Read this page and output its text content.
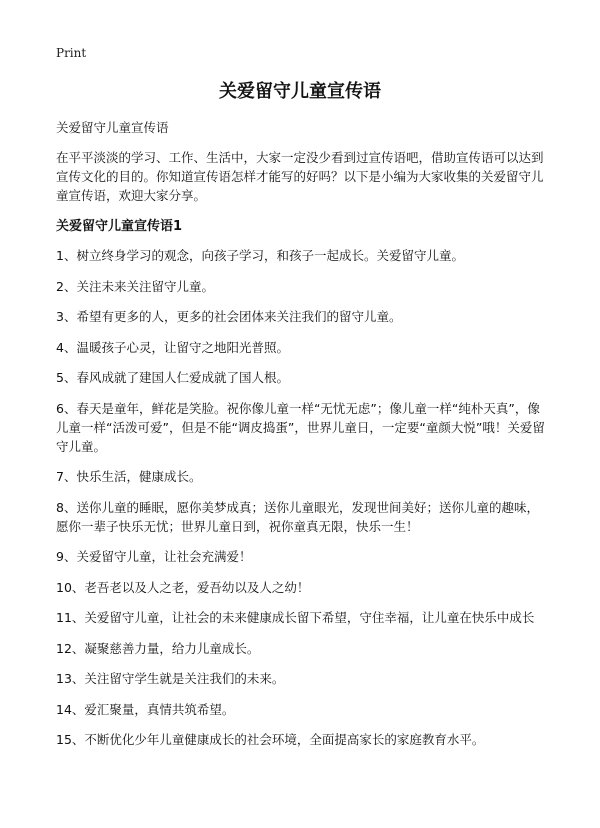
Print
关爱留守儿童宣传语

关爱留守儿童宣传语

在平平淡淡的学习、工作、生活中，大家一定没少看到过宣传语吧，借助宣传语可以达到宣传文化的目的。你知道宣传语怎样才能写的好吗？以下是小编为大家收集的关爱留守儿童宣传语，欢迎大家分享。

关爱留守儿童宣传语1

1、树立终身学习的观念，向孩子学习，和孩子一起成长。关爱留守儿童。

2、关注未来关注留守儿童。

3、希望有更多的人，更多的社会团体来关注我们的留守儿童。

4、温暖孩子心灵，让留守之地阳光普照。

5、春风成就了建国人仁爱成就了国人根。

6、春天是童年，鲜花是笑脸。祝你像儿童一样“无忧无虑”；像儿童一样“纯朴天真”，像儿童一样“活泼可爱”，但是不能“调皮捣蛋”，世界儿童日，一定要“童颜大悦”哦！关爱留守儿童。

7、快乐生活，健康成长。

8、送你儿童的睡眠，愿你美梦成真；送你儿童眼光，发现世间美好；送你儿童的趣味，愿你一辈子快乐无忧；世界儿童日到，祝你童真无限，快乐一生！

9、关爱留守儿童，让社会充满爱！

10、老吾老以及人之老，爱吾幼以及人之幼！

11、关爱留守儿童，让社会的未来健康成长留下希望，守住幸福，让儿童在快乐中成长

12、凝聚慈善力量，给力儿童成长。

13、关注留守学生就是关注我们的未来。

14、爱汇聚量，真情共筑希望。

15、不断优化少年儿童健康成长的社会环境，全面提高家长的家庭教育水平。
